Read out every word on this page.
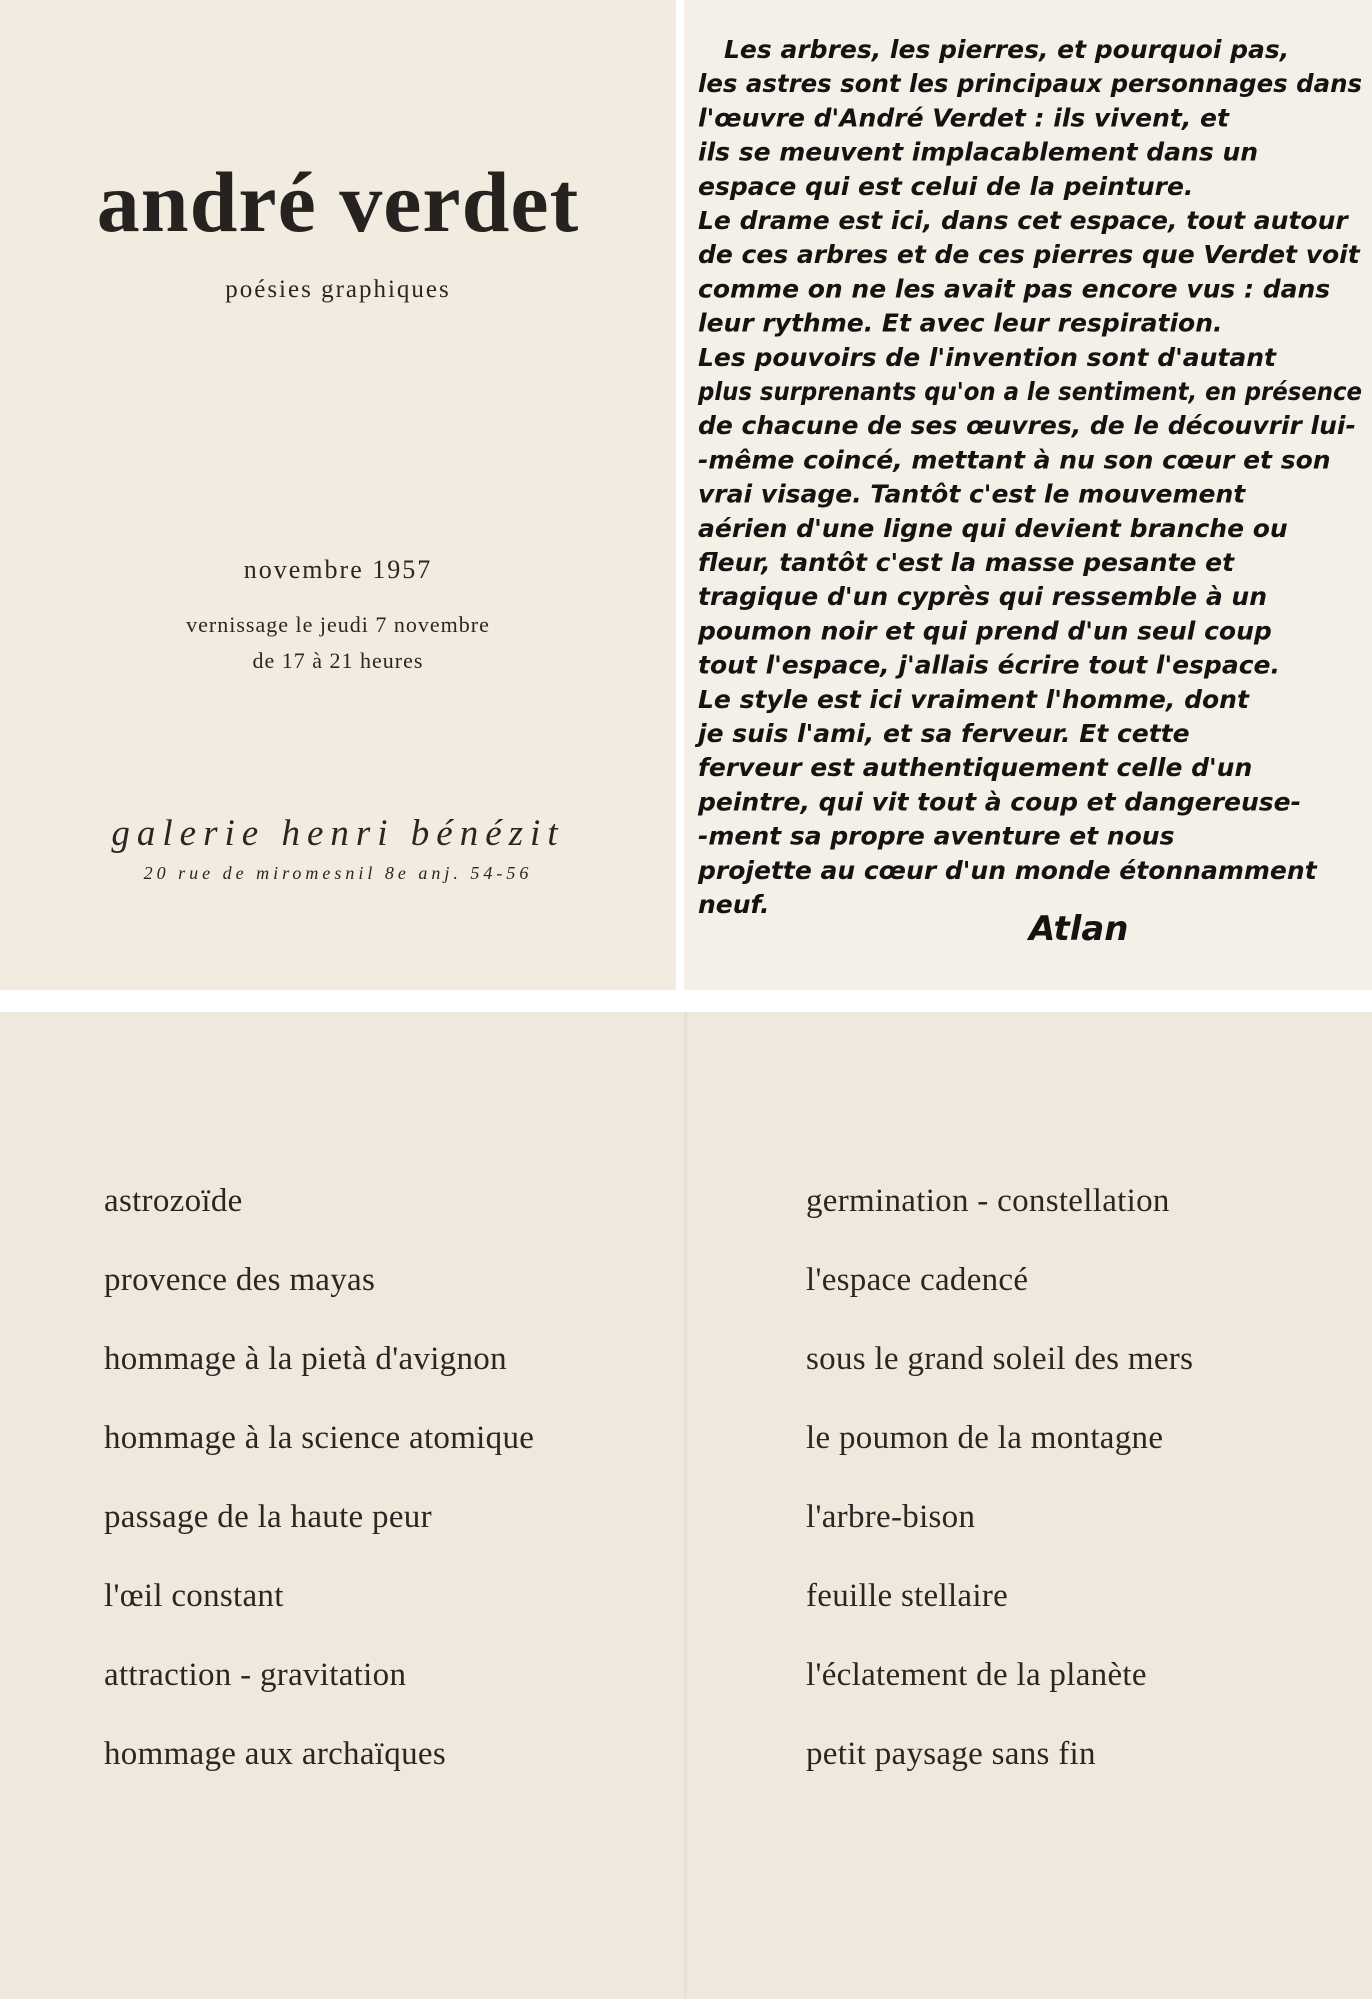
andré verdet
poésies graphiques
novembre 1957
vernissage le jeudi 7 novembre
de 17 à 21 heures
galerie henri bénézit
20 rue de miromesnil 8e anj. 54-56
Les arbres, les pierres, et pourquoi pas,
les astres sont les principaux personnages dans
l'œuvre d'André Verdet : ils vivent, et
ils se meuvent implacablement dans un
espace qui est celui de la peinture.
Le drame est ici, dans cet espace, tout autour
de ces arbres et de ces pierres que Verdet voit
comme on ne les avait pas encore vus : dans
leur rythme. Et avec leur respiration.
Les pouvoirs de l'invention sont d'autant
plus surprenants qu'on a le sentiment, en présence
de chacune de ses œuvres, de le découvrir lui-
-même coincé, mettant à nu son cœur et son
vrai visage. Tantôt c'est le mouvement
aérien d'une ligne qui devient branche ou
fleur, tantôt c'est la masse pesante et
tragique d'un cyprès qui ressemble à un
poumon noir et qui prend d'un seul coup
tout l'espace, j'allais écrire tout l'espace.
Le style est ici vraiment l'homme, dont
je suis l'ami, et sa ferveur. Et cette
ferveur est authentiquement celle d'un
peintre, qui vit tout à coup et dangereuse-
-ment sa propre aventure et nous
projette au cœur d'un monde étonnamment
neuf.
Atlan
astrozoïde
provence des mayas
hommage à la pietà d'avignon
hommage à la science atomique
passage de la haute peur
l'œil constant
attraction - gravitation
hommage aux archaïques
germination - constellation
l'espace cadencé
sous le grand soleil des mers
le poumon de la montagne
l'arbre-bison
feuille stellaire
l'éclatement de la planète
petit paysage sans fin
